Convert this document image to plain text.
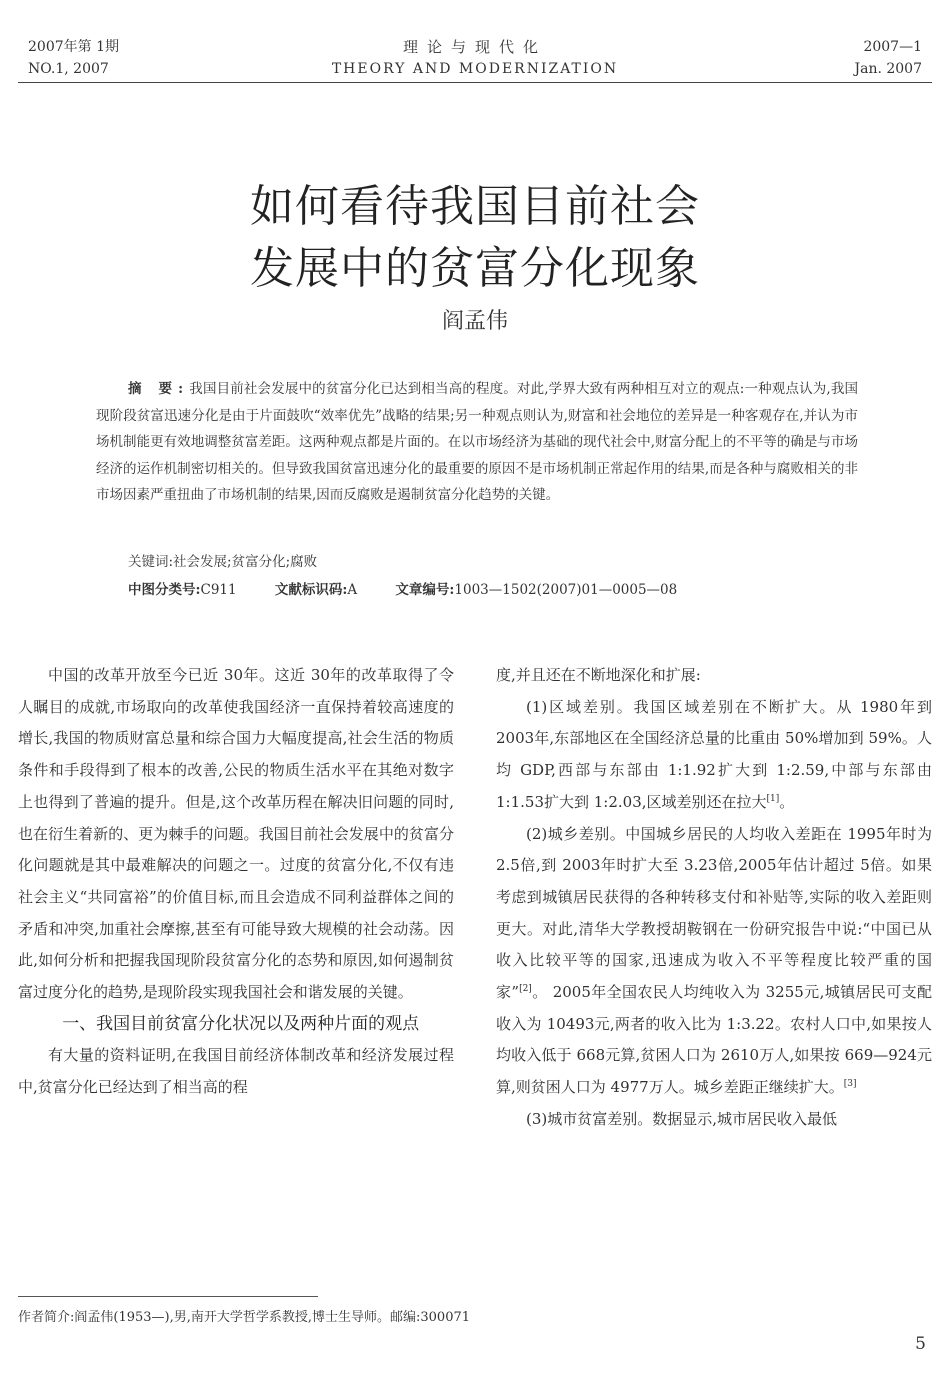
2007年第 1期
NO.1, 2007
理论与现代化
THEORY AND MODERNIZATION
2007—1
Jan. 2007
如何看待我国目前社会
发展中的贫富分化现象
阎孟伟
摘 要:我国目前社会发展中的贫富分化已达到相当高的程度。对此,学界大致有两种相互对立的观点:一种观点认为,我国现阶段贫富迅速分化是由于片面鼓吹“效率优先”战略的结果;另一种观点则认为,财富和社会地位的差异是一种客观存在,并认为市场机制能更有效地调整贫富差距。这两种观点都是片面的。在以市场经济为基础的现代社会中,财富分配上的不平等的确是与市场经济的运作机制密切相关的。但导致我国贫富迅速分化的最重要的原因不是市场机制正常起作用的结果,而是各种与腐败相关的非市场因素严重扭曲了市场机制的结果,因而反腐败是遏制贫富分化趋势的关键。
关键词:社会发展;贫富分化;腐败
中图分类号:C911	文献标识码:A	文章编号:1003—1502(2007)01—0005—08

中国的改革开放至今已近 30年。这近 30年的改革取得了令人瞩目的成就,市场取向的改革使我国经济一直保持着较高速度的增长,我国的物质财富总量和综合国力大幅度提高,社会生活的物质条件和手段得到了根本的改善,公民的物质生活水平在其绝对数字上也得到了普遍的提升。但是,这个改革历程在解决旧问题的同时,也在衍生着新的、更为棘手的问题。我国目前社会发展中的贫富分化问题就是其中最难解决的问题之一。过度的贫富分化,不仅有违社会主义“共同富裕”的价值目标,而且会造成不同利益群体之间的矛盾和冲突,加重社会摩擦,甚至有可能导致大规模的社会动荡。因此,如何分析和把握我国现阶段贫富分化的态势和原因,如何遏制贫富过度分化的趋势,是现阶段实现我国社会和谐发展的关键。

一、我国目前贫富分化状况以及两种片面的观点

有大量的资料证明,在我国目前经济体制改革和经济发展过程中,贫富分化已经达到了相当高的程

度,并且还在不断地深化和扩展:

(1)区域差别。我国区域差别在不断扩大。从 1980年到 2003年,东部地区在全国经济总量的比重由 50%增加到 59%。人均 GDP,西部与东部由 1:1.92扩大到 1:2.59,中部与东部由 1:1.53扩大到 1:2.03,区域差别还在拉大[1]。

(2)城乡差别。中国城乡居民的人均收入差距在 1995年时为 2.5倍,到 2003年时扩大至 3.23倍,2005年估计超过 5倍。如果考虑到城镇居民获得的各种转移支付和补贴等,实际的收入差距则更大。对此,清华大学教授胡鞍钢在一份研究报告中说:“中国已从收入比较平等的国家,迅速成为收入不平等程度比较严重的国家”[2]。 2005年全国农民人均纯收入为 3255元,城镇居民可支配收入为 10493元,两者的收入比为 1:3.22。农村人口中,如果按人均收入低于 668元算,贫困人口为 2610万人,如果按 669—924元算,则贫困人口为 4977万人。城乡差距正继续扩大。[3]

(3)城市贫富差别。数据显示,城市居民收入最低

作者简介:阎孟伟(1953—),男,南开大学哲学系教授,博士生导师。邮编:300071
5
